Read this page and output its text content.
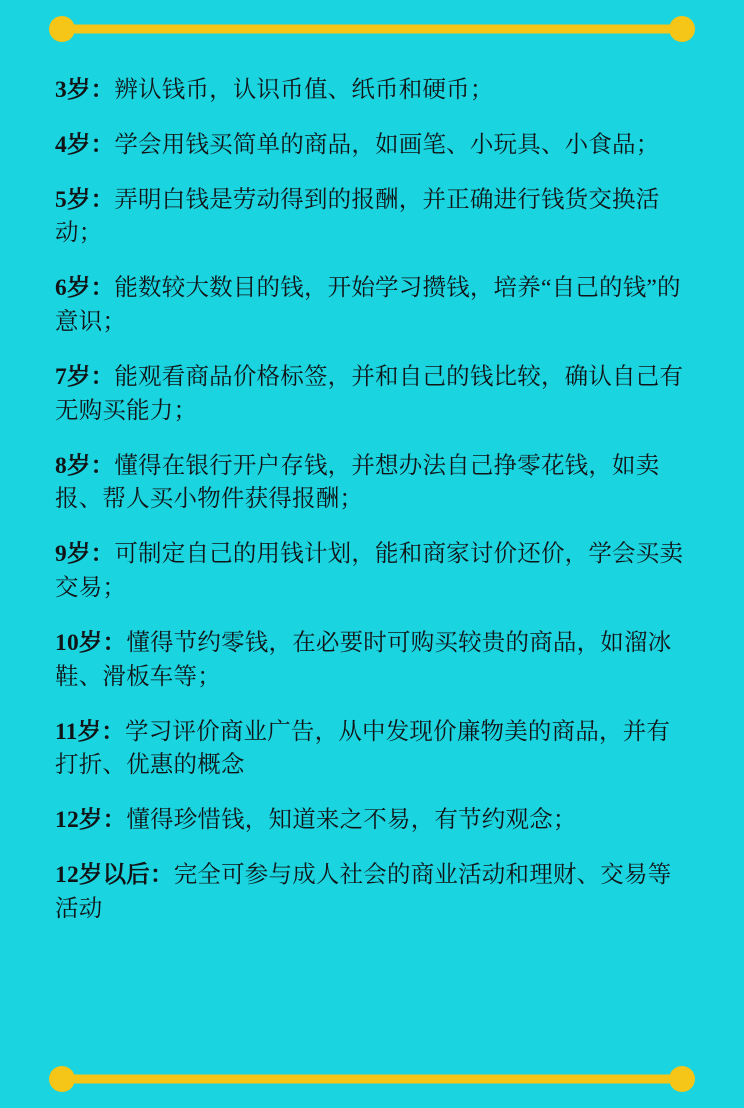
3岁：辨认钱币，认识币值、纸币和硬币；

4岁：学会用钱买简单的商品，如画笔、小玩具、小食品；

5岁：弄明白钱是劳动得到的报酬，并正确进行钱货交换活动；

6岁：能数较大数目的钱，开始学习攒钱，培养“自己的钱”的意识；

7岁：能观看商品价格标签，并和自己的钱比较，确认自己有无购买能力；

8岁：懂得在银行开户存钱，并想办法自己挣零花钱，如卖报、帮人买小物件获得报酬；

9岁：可制定自己的用钱计划，能和商家讨价还价，学会买卖交易；

10岁：懂得节约零钱，在必要时可购买较贵的商品，如溜冰鞋、滑板车等；

11岁：学习评价商业广告，从中发现价廉物美的商品，并有打折、优惠的概念

12岁：懂得珍惜钱，知道来之不易，有节约观念；

12岁以后：完全可参与成人社会的商业活动和理财、交易等活动
